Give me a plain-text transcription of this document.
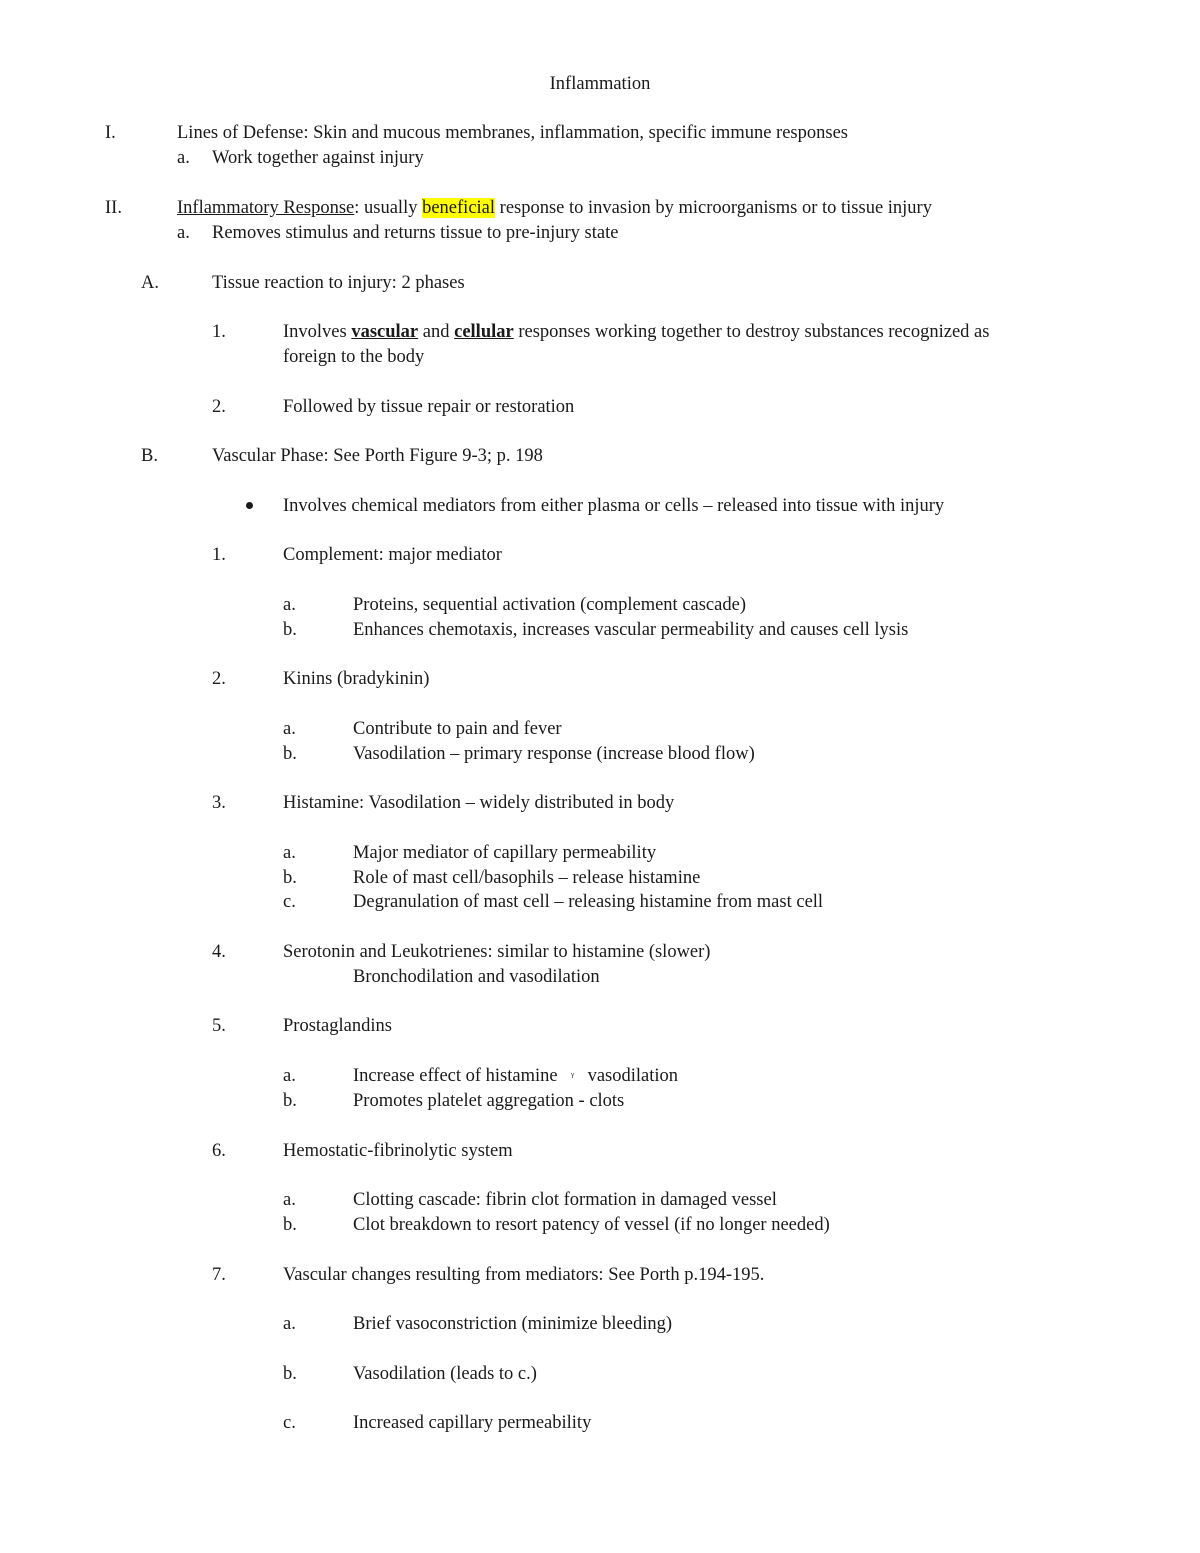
Inflammation
I.	Lines of Defense: Skin and mucous membranes, inflammation, specific immune responses
a. Work together against injury
II.	Inflammatory Response: usually beneficial response to invasion by microorganisms or to tissue injury
a. Removes stimulus and returns tissue to pre-injury state
A.	Tissue reaction to injury: 2 phases
1.	Involves vascular and cellular responses working together to destroy substances recognized as
foreign to the body
2.	Followed by tissue repair or restoration
B.	Vascular Phase: See Porth Figure 9-3; p. 198
Involves chemical mediators from either plasma or cells – released into tissue with injury
1.	Complement: major mediator
a.	Proteins, sequential activation (complement cascade)
b.	Enhances chemotaxis, increases vascular permeability and causes cell lysis
2.	Kinins (bradykinin)
a.	Contribute to pain and fever
b.	Vasodilation – primary response (increase blood flow)
3.	Histamine: Vasodilation – widely distributed in body
a.	Major mediator of capillary permeability
b.	Role of mast cell/basophils – release histamine
c.	Degranulation of mast cell – releasing histamine from mast cell
4.	Serotonin and Leukotrienes: similar to histamine (slower)
Bronchodilation and vasodilation
5.	Prostaglandins
a.	Increase effect of histamine ᵞ vasodilation
b.	Promotes platelet aggregation - clots
6.	Hemostatic-fibrinolytic system
a.	Clotting cascade: fibrin clot formation in damaged vessel
b.	Clot breakdown to resort patency of vessel (if no longer needed)
7.	Vascular changes resulting from mediators: See Porth p.194-195.
a.	Brief vasoconstriction (minimize bleeding)
b.	Vasodilation (leads to c.)
c.	Increased capillary permeability
